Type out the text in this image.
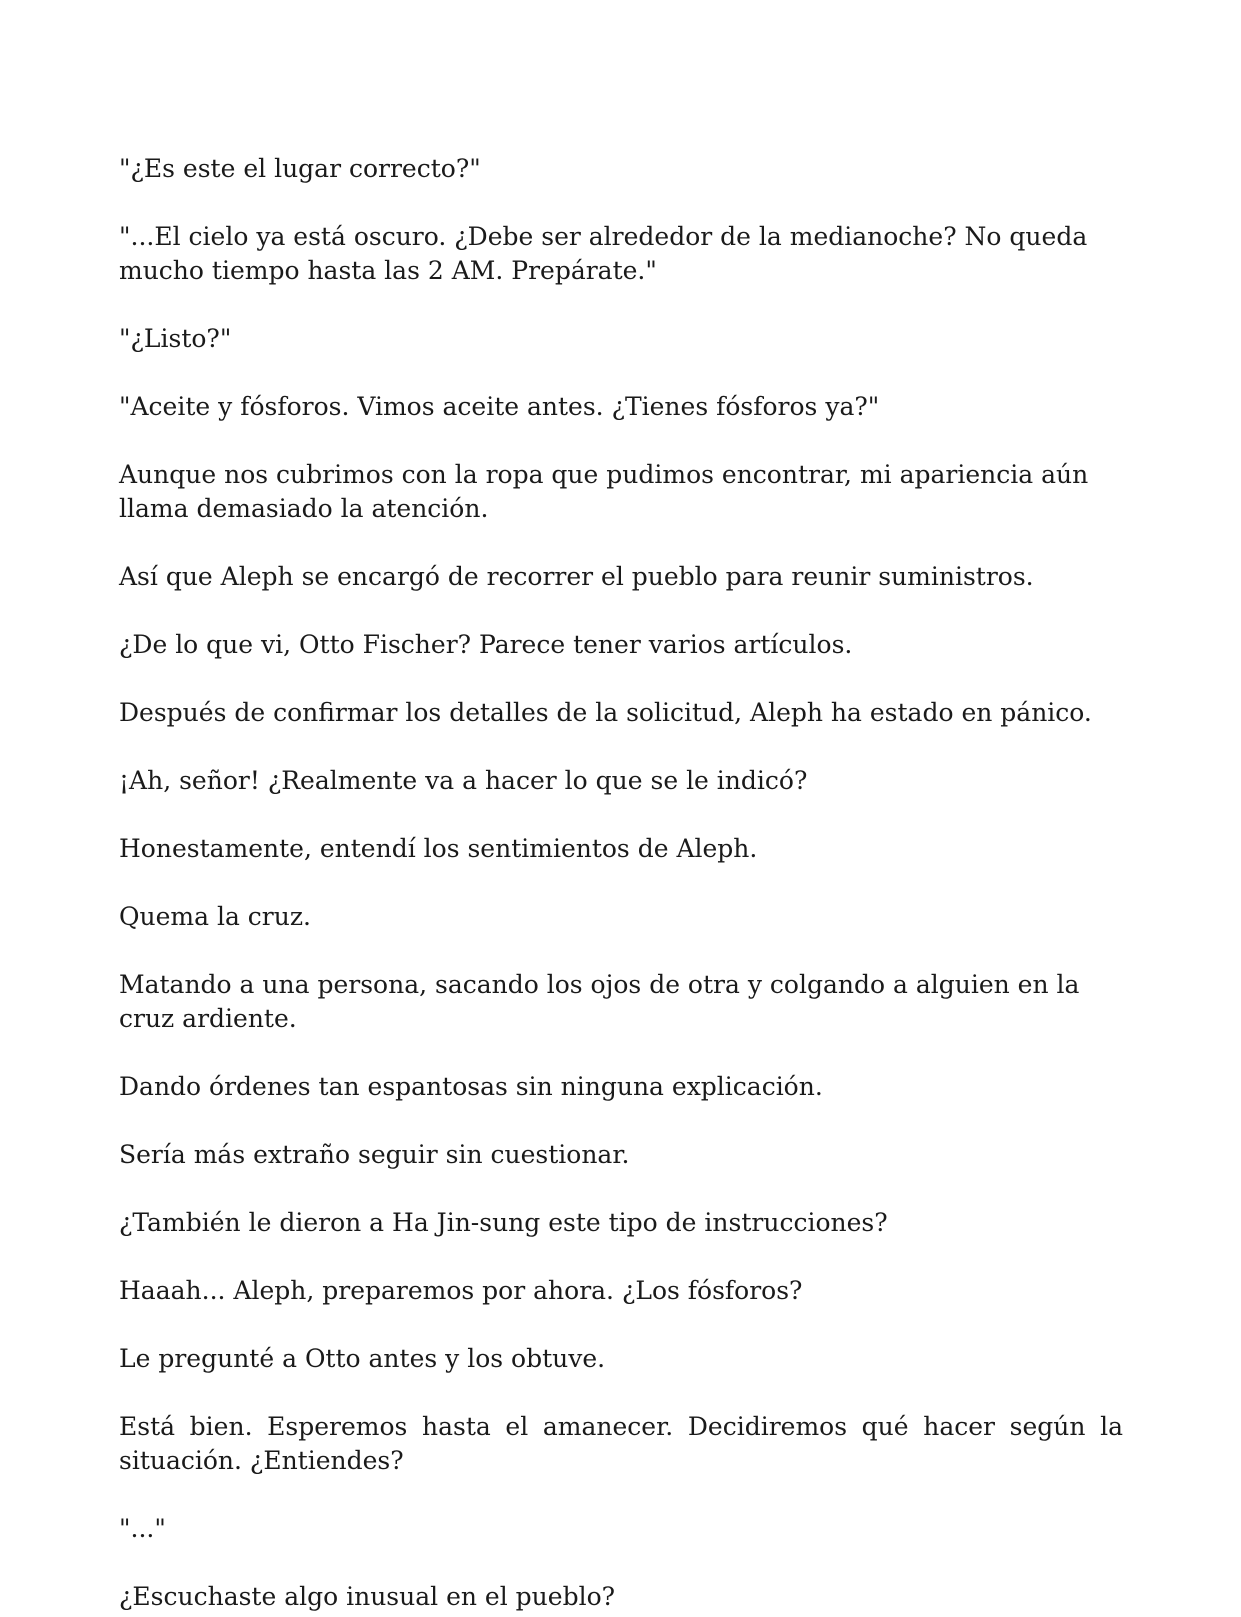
"¿Es este el lugar correcto?"

"...El cielo ya está oscuro. ¿Debe ser alrededor de la medianoche? No queda mucho tiempo hasta las 2 AM. Prepárate."

"¿Listo?"

"Aceite y fósforos. Vimos aceite antes. ¿Tienes fósforos ya?"

Aunque nos cubrimos con la ropa que pudimos encontrar, mi apariencia aún llama demasiado la atención.

Así que Aleph se encargó de recorrer el pueblo para reunir suministros.

¿De lo que vi, Otto Fischer? Parece tener varios artículos.

Después de confirmar los detalles de la solicitud, Aleph ha estado en pánico.

¡Ah, señor! ¿Realmente va a hacer lo que se le indicó?

Honestamente, entendí los sentimientos de Aleph.

Quema la cruz.

Matando a una persona, sacando los ojos de otra y colgando a alguien en la cruz ardiente.

Dando órdenes tan espantosas sin ninguna explicación.

Sería más extraño seguir sin cuestionar.

¿También le dieron a Ha Jin-sung este tipo de instrucciones?

Haaah... Aleph, preparemos por ahora. ¿Los fósforos?

Le pregunté a Otto antes y los obtuve.

Está bien. Esperemos hasta el amanecer. Decidiremos qué hacer según la situación. ¿Entiendes?

"..."

¿Escuchaste algo inusual en el pueblo?
